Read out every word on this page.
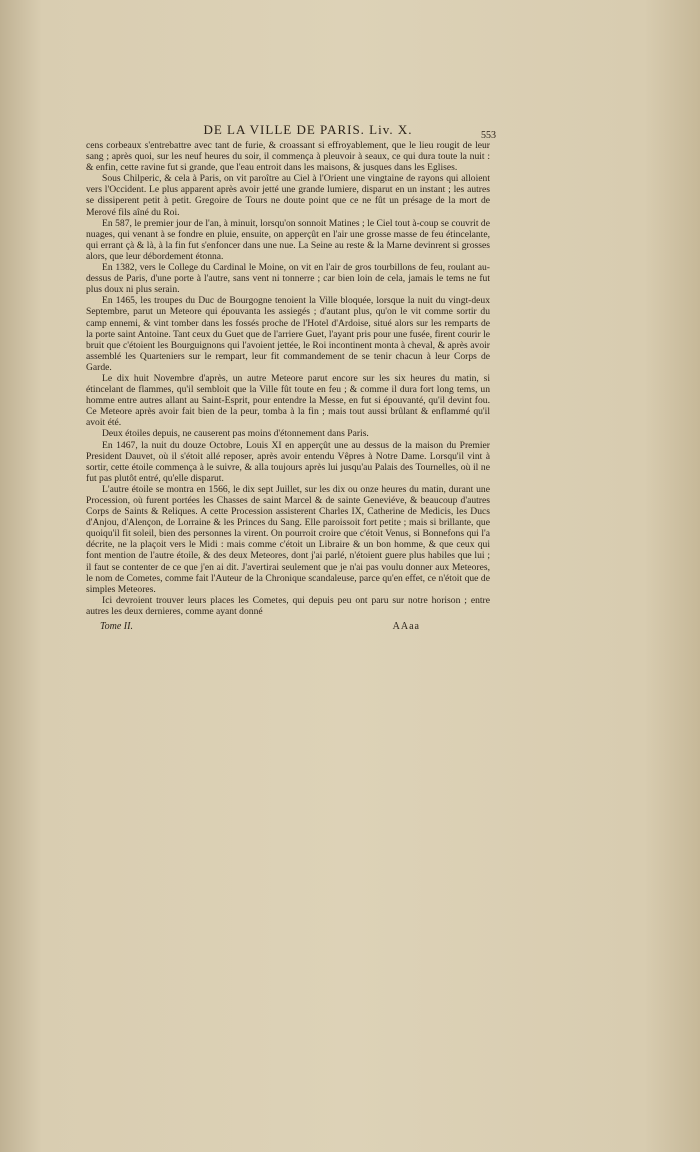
DE LA VILLE DE PARIS. Liv. X.	553

cens corbeaux s'entrebattre avec tant de furie, & croassant si effroyablement, que le lieu rougit de leur sang ; après quoi, sur les neuf heures du soir, il commença à pleuvoir à seaux, ce qui dura toute la nuit : & enfin, cette ravine fut si grande, que l'eau entroit dans les maisons, & jusques dans les Eglises.

Sous Chilperic, & cela à Paris, on vit paroître au Ciel à l'Orient une vingtaine de rayons qui alloient vers l'Occident. Le plus apparent après avoir jetté une grande lumiere, disparut en un instant ; les autres se dissiperent petit à petit. Gregoire de Tours ne doute point que ce ne fût un présage de la mort de Merové fils aîné du Roi.

En 587, le premier jour de l'an, à minuit, lorsqu'on sonnoit Matines ; le Ciel tout à-coup se couvrit de nuages, qui venant à se fondre en pluie, ensuite, on apperçût en l'air une grosse masse de feu étincelante, qui errant çà & là, à la fin fut s'enfoncer dans une nue. La Seine au reste & la Marne devinrent si grosses alors, que leur débordement étonna.

En 1382, vers le College du Cardinal le Moine, on vit en l'air de gros tourbillons de feu, roulant au-dessus de Paris, d'une porte à l'autre, sans vent ni tonnerre ; car bien loin de cela, jamais le tems ne fut plus doux ni plus serain.

En 1465, les troupes du Duc de Bourgogne tenoient la Ville bloquée, lorsque la nuit du vingt-deux Septembre, parut un Meteore qui épouvanta les assiegés ; d'autant plus, qu'on le vit comme sortir du camp ennemi, & vint tomber dans les fossés proche de l'Hotel d'Ardoise, situé alors sur les remparts de la porte saint Antoine. Tant ceux du Guet que de l'arriere Guet, l'ayant pris pour une fusée, firent courir le bruit que c'étoient les Bourguignons qui l'avoient jettée, le Roi incontinent monta à cheval, & après avoir assemblé les Quarteniers sur le rempart, leur fit commandement de se tenir chacun à leur Corps de Garde.

Le dix huit Novembre d'après, un autre Meteore parut encore sur les six heures du matin, si étincelant de flammes, qu'il sembloit que la Ville fût toute en feu ; & comme il dura fort long tems, un homme entre autres allant au Saint-Esprit, pour entendre la Messe, en fut si épouvanté, qu'il devint fou. Ce Meteore après avoir fait bien de la peur, tomba à la fin ; mais tout aussi brûlant & enflammé qu'il avoit été.

Deux étoiles depuis, ne causerent pas moins d'étonnement dans Paris.

En 1467, la nuit du douze Octobre, Louis XI en apperçût une au dessus de la maison du Premier President Dauvet, où il s'étoit allé reposer, après avoir entendu Vêpres à Notre Dame. Lorsqu'il vint à sortir, cette étoile commença à le suivre, & alla toujours après lui jusqu'au Palais des Tournelles, où il ne fut pas plutôt entré, qu'elle disparut.

L'autre étoile se montra en 1566, le dix sept Juillet, sur les dix ou onze heures du matin, durant une Procession, où furent portées les Chasses de saint Marcel & de sainte Geneviéve, & beaucoup d'autres Corps de Saints & Reliques. A cette Procession assisterent Charles IX, Catherine de Medicis, les Ducs d'Anjou, d'Alençon, de Lorraine & les Princes du Sang. Elle paroissoit fort petite ; mais si brillante, que quoiqu'il fit soleil, bien des personnes la virent. On pourroit croire que c'étoit Venus, si Bonnefons qui l'a décrite, ne la plaçoit vers le Midi : mais comme c'étoit un Libraire & un bon homme, & que ceux qui font mention de l'autre étoile, & des deux Meteores, dont j'ai parlé, n'étoient guere plus habiles que lui ; il faut se contenter de ce que j'en ai dit. J'avertirai seulement que je n'ai pas voulu donner aux Meteores, le nom de Cometes, comme fait l'Auteur de la Chronique scandaleuse, parce qu'en effet, ce n'étoit que de simples Meteores.

Ici devroient trouver leurs places les Cometes, qui depuis peu ont paru sur notre horison ; entre autres les deux dernieres, comme ayant donné

Tome II.	AAaa
